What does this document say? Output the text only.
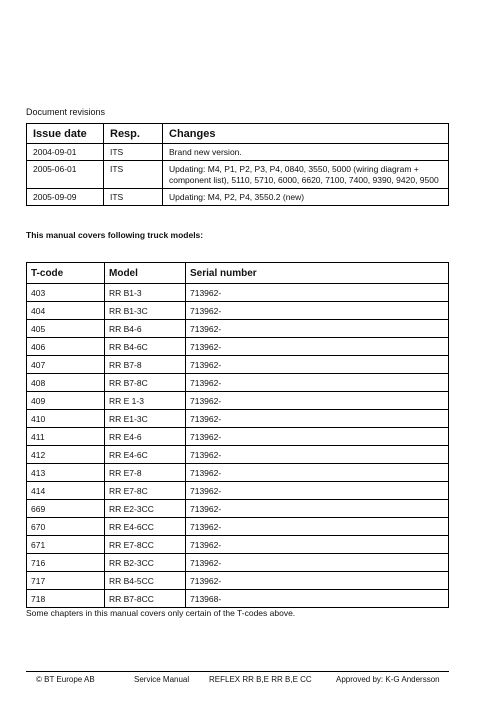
Document revisions
Issue date	Resp.	Changes
2004-09-01	ITS	Brand new version.
2005-06-01	ITS	Updating: M4, P1, P2, P3, P4, 0840, 3550, 5000 (wiring diagram + component list), 5110, 5710, 6000, 6620, 7100, 7400, 9390, 9420, 9500
2005-09-09	ITS	Updating: M4, P2, P4, 3550.2 (new)
This manual covers following truck models:
T-code	Model	Serial number
403	RR B1-3	713962-
404	RR B1-3C	713962-
405	RR B4-6	713962-
406	RR B4-6C	713962-
407	RR B7-8	713962-
408	RR B7-8C	713962-
409	RR E 1-3	713962-
410	RR E1-3C	713962-
411	RR E4-6	713962-
412	RR E4-6C	713962-
413	RR E7-8	713962-
414	RR E7-8C	713962-
669	RR E2-3CC	713962-
670	RR E4-6CC	713962-
671	RR E7-8CC	713962-
716	RR B2-3CC	713962-
717	RR B4-5CC	713962-
718	RR B7-8CC	713968-
Some chapters in this manual covers only certain of the T-codes above.
© BT Europe AB	Service Manual REFLEX RR B,E RR B,E CC	Approved by: K-G Andersson
